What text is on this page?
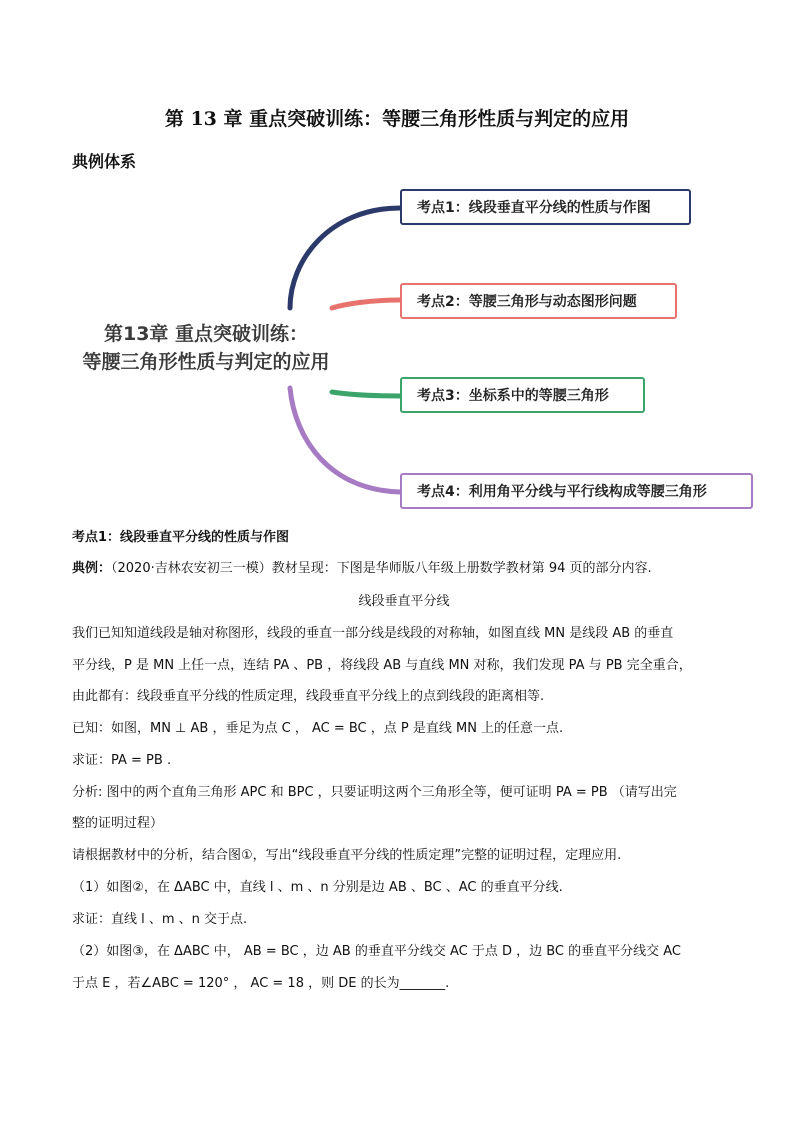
第 13 章 重点突破训练：等腰三角形性质与判定的应用
典例体系
第13章 重点突破训练：
等腰三角形性质与判定的应用
考点1：线段垂直平分线的性质与作图
考点2：等腰三角形与动态图形问题
考点3：坐标系中的等腰三角形
考点4：利用角平分线与平行线构成等腰三角形
考点1：线段垂直平分线的性质与作图
典例：（2020·吉林农安初三一模）教材呈现：下图是华师版八年级上册数学教材第 94 页的部分内容.
线段垂直平分线
我们已知知道线段是轴对称图形，线段的垂直一部分线是线段的对称轴，如图直线 MN 是线段 AB 的垂直
平分线，P 是 MN 上任一点，连结 PA 、PB ，将线段 AB 与直线 MN 对称，我们发现 PA 与 PB 完全重合，
由此都有：线段垂直平分线的性质定理，线段垂直平分线上的点到线段的距离相等.
已知：如图，MN ⊥ AB ，垂足为点 C ， AC = BC ，点 P 是直线 MN 上的任意一点.
求证：PA = PB .
分析: 图中的两个直角三角形 APC 和 BPC ，只要证明这两个三角形全等，便可证明 PA = PB （请写出完
整的证明过程）
请根据教材中的分析，结合图①，写出“线段垂直平分线的性质定理”完整的证明过程，定理应用.
（1）如图②，在 ΔABC 中，直线 l 、m 、n 分别是边 AB 、BC 、AC 的垂直平分线.
求证：直线 l 、m 、n 交于点.
（2）如图③，在 ΔABC 中， AB = BC ，边 AB 的垂直平分线交 AC 于点 D ，边 BC 的垂直平分线交 AC
于点 E ，若∠ABC = 120° ， AC = 18 ，则 DE 的长为_______.
